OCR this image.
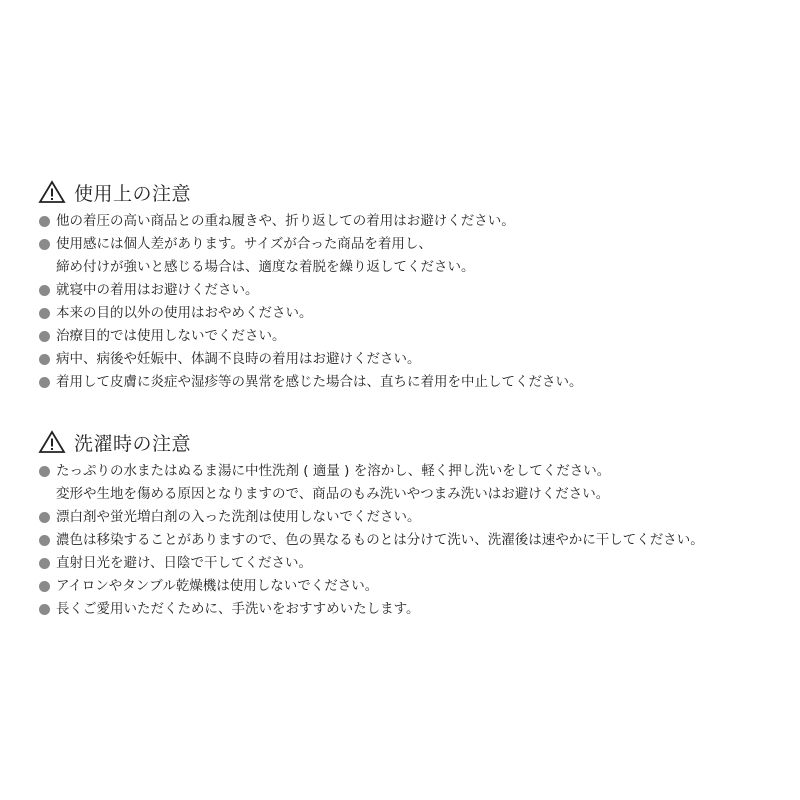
使用上の注意
他の着圧の高い商品との重ね履きや、折り返しての着用はお避けください。
使用感には個人差があります。サイズが合った商品を着用し、
締め付けが強いと感じる場合は、適度な着脱を繰り返してください。
就寝中の着用はお避けください。
本来の目的以外の使用はおやめください。
治療目的では使用しないでください。
病中、病後や妊娠中、体調不良時の着用はお避けください。
着用して皮膚に炎症や湿疹等の異常を感じた場合は、直ちに着用を中止してください。
洗濯時の注意
たっぷりの水またはぬるま湯に中性洗剤 ( 適量 ) を溶かし、軽く押し洗いをしてください。
変形や生地を傷める原因となりますので、商品のもみ洗いやつまみ洗いはお避けください。
漂白剤や蛍光増白剤の入った洗剤は使用しないでください。
濃色は移染することがありますので、色の異なるものとは分けて洗い、洗濯後は速やかに干してください。
直射日光を避け、日陰で干してください。
アイロンやタンブル乾燥機は使用しないでください。
長くご愛用いただくために、手洗いをおすすめいたします。
